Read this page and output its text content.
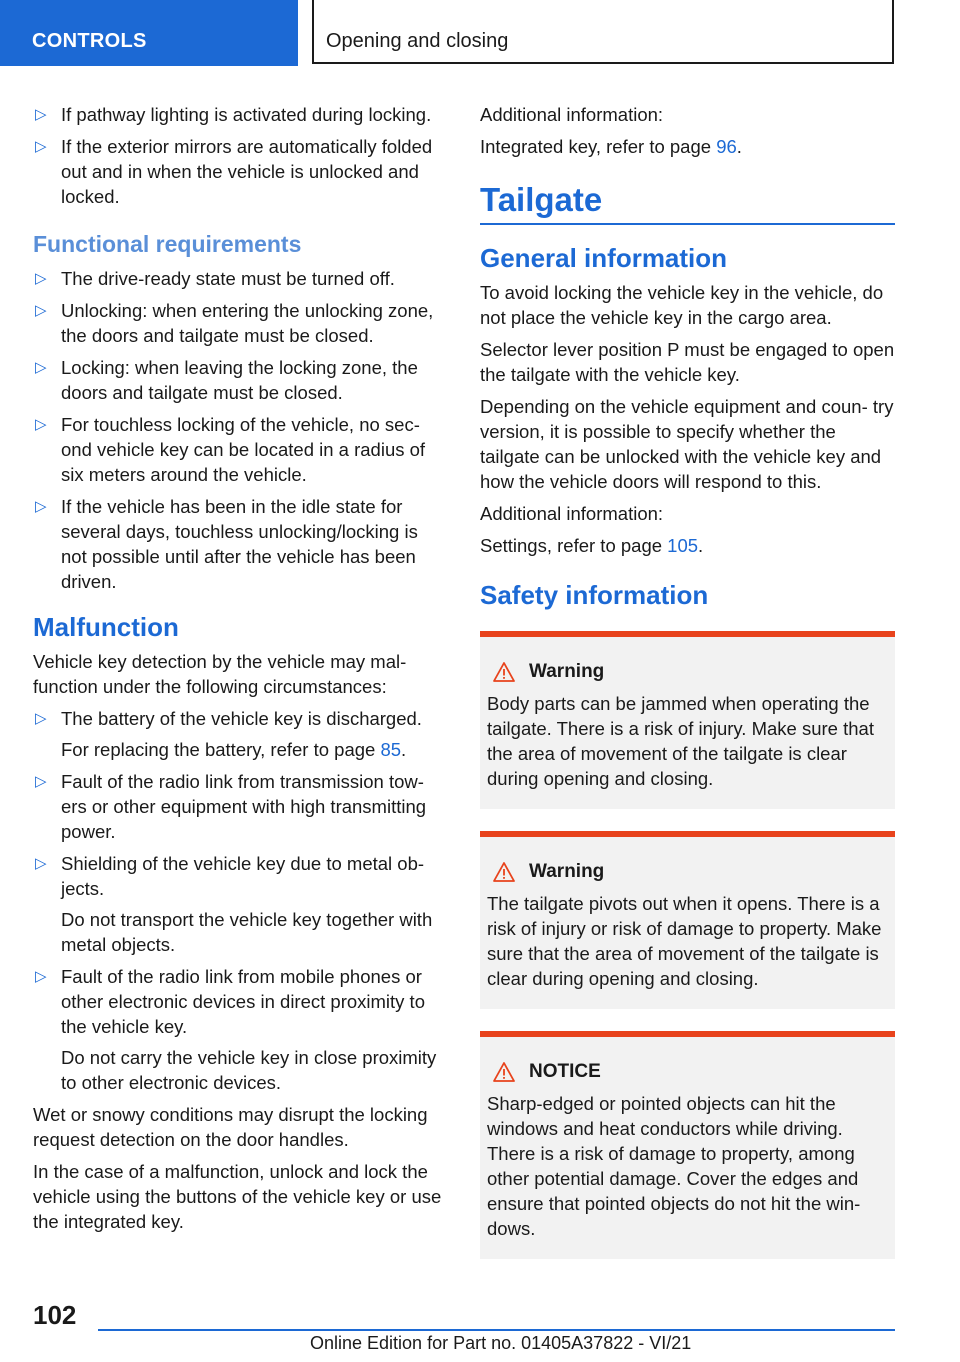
CONTROLS	Opening and closing
▷ If pathway lighting is activated during locking.
▷ If the exterior mirrors are automatically folded out and in when the vehicle is unlocked and locked.
Functional requirements
▷ The drive-ready state must be turned off.
▷ Unlocking: when entering the unlocking zone, the doors and tailgate must be closed.
▷ Locking: when leaving the locking zone, the doors and tailgate must be closed.
▷ For touchless locking of the vehicle, no sec‐ ond vehicle key can be located in a radius of six meters around the vehicle.
▷ If the vehicle has been in the idle state for several days, touchless unlocking/locking is not possible until after the vehicle has been driven.
Malfunction

Vehicle key detection by the vehicle may mal‐ function under the following circumstances:

▷ The battery of the vehicle key is discharged.

For replacing the battery, refer to page 85.

▷ Fault of the radio link from transmission tow‐ ers or other equipment with high transmitting power.
▷ Shielding of the vehicle key due to metal ob‐ jects.

Do not transport the vehicle key together with metal objects.

▷ Fault of the radio link from mobile phones or other electronic devices in direct proximity to the vehicle key.

Do not carry the vehicle key in close proximity to other electronic devices.

Wet or snowy conditions may disrupt the locking request detection on the door handles.

In the case of a malfunction, unlock and lock the vehicle using the buttons of the vehicle key or use the integrated key.

Additional information:

Integrated key, refer to page 96.

Tailgate
General information

To avoid locking the vehicle key in the vehicle, do not place the vehicle key in the cargo area.

Selector lever position P must be engaged to open the tailgate with the vehicle key.

Depending on the vehicle equipment and coun‐ try version, it is possible to specify whether the tailgate can be unlocked with the vehicle key and how the vehicle doors will respond to this.

Additional information:

Settings, refer to page 105.

Safety information
Warning

Body parts can be jammed when operating the tailgate. There is a risk of injury. Make sure that the area of movement of the tailgate is clear during opening and closing.

Warning

The tailgate pivots out when it opens. There is a risk of injury or risk of damage to property. Make sure that the area of movement of the tailgate is clear during opening and closing.

NOTICE

Sharp-edged or pointed objects can hit the windows and heat conductors while driving. There is a risk of damage to property, among other potential damage. Cover the edges and ensure that pointed objects do not hit the win‐ dows.

102
Online Edition for Part no. 01405A37822 - VI/21
